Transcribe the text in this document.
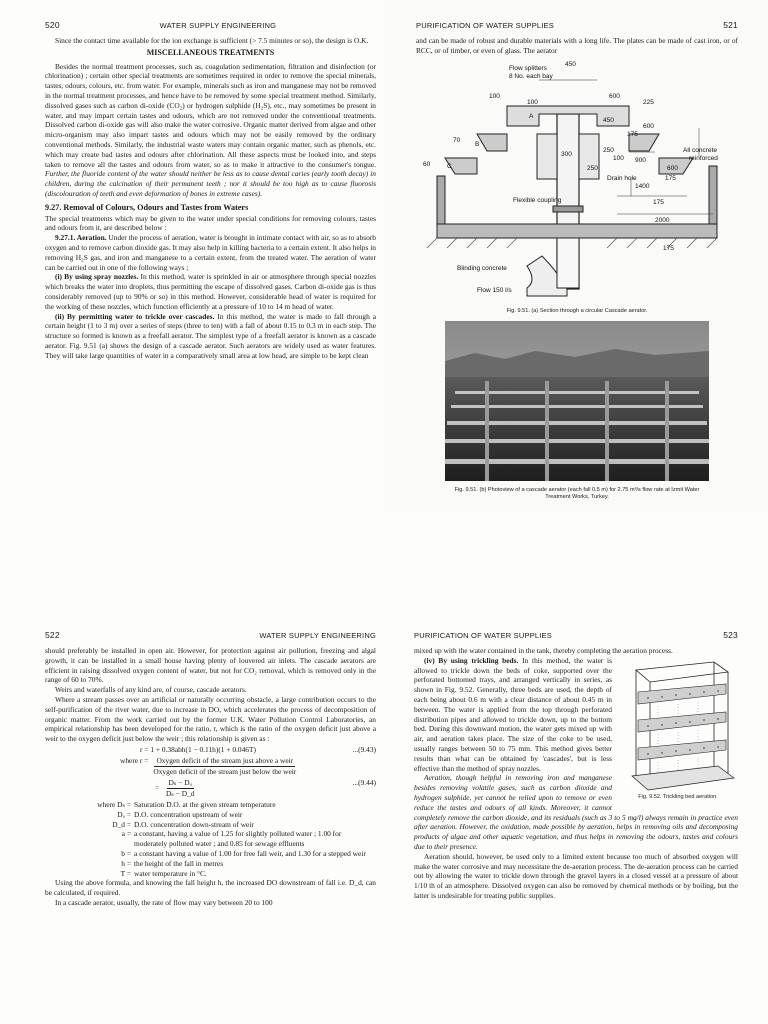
520	WATER SUPPLY ENGINEERING

Since the contact time available for the ion exchange is sufficient (> 7.5 minutes or so), the design is O.K.

MISCELLANEOUS TREATMENTS

Besides the normal treatment processes, such as, coagulation sedimentation, filtration and disinfection (or chlorination) ; certain other special treatments are sometimes required in order to remove the special minerals, tastes, odours, colours, etc. from water. For example, minerals such as iron and manganese may not be removed in the normal treatment processes, and hence have to be removed by some special treatment method. Similarly, dissolved gases such as carbon di-oxide (CO₂) or hydrogen sulphide (H₂S), etc., may sometimes be present in water, and may impart certain tastes and odours, which are not removed under the conventional treatments. Dissolved carbon di-oxide gas will also make the water corrosive. Organic matter derived from algae and other micro-organism may also impart tastes and odours which may not be easily removed by the ordinary conventional methods. Similarly, the industrial waste waters may contain organic matter, such as phenols, etc. which may create bad tastes and odours after chlorination. All these aspects must be looked into, and steps taken to remove all the tastes and odours from water, so as to make it attractive to the consumer's tongue. Further, the fluoride content of the water should neither be less as to cause dental caries (early tooth decay) in children, during the calcination of their permanent teeth ; nor it should be too high as to cause fluorosis (discolouration of teeth and even deformation of bones in extreme cases).

9.27. Removal of Colours, Odours and Tastes from Waters

The special treatments which may be given to the water under special conditions for removing colours, tastes and odours from it, are described below :

9.27.1. Aeration. Under the process of aeration, water is brought in intimate contact with air, so as to absorb oxygen and to remove carbon dioxide gas. It may also help in killing bacteria to a certain extent. It also helps in removing H₂S gas, and iron and manganese to a certain extent, from the treated water. The aeration of water can be carried out in one of the following ways ;

(i) By using spray nozzles. In this method, water is sprinkled in air or atmosphere through special nozzles which breaks the water into droplets, thus permitting the escape of dissolved gases. Carbon di-oxide gas is thus considerably removed (up to 90% or so) in this method. However, considerable head of water is required for the working of these nozzles, which function efficiently at a pressure of 10 to 14 m head of water.

(ii) By permitting water to trickle over cascades. In this method, the water is made to fall through a certain height (1 to 3 m) over a series of steps (three to ten) with a fall of about 0.15 to 0.3 m in each step. The structure so formed is known as a freefall aerator. The simplest type of a freefall aerator is known as a cascade aerator. Fig. 9.51 (a) shows the design of a cascade aerator. Such aerators are widely used as water features. They will take large quantities of water in a comparatively small area at low head, are simple to be kept clean

PURIFICATION OF WATER SUPPLIES	521

and can be made of robust and durable materials with a long life. The plates can be made of cast iron, or of RCC, or of timber, or even of glass. The aerator

Flow splitters
8 No. each bay
450
600
225
100
100
450
600
175
70
300
250
100 900
600
All concrete
reinforced
60
Drain hole
250
175
1400
175
Flexible coupling
2000
175
Blinding concrete
Flow 150 l/s
A
B
C
Fig. 9.51. (a) Section through a circular Cascade aerator.
Fig. 9.51. (b) Photoview of a cascade aerator (each fall 0.5 m) for 2.75 m³/s flow rate at Izmit Water Treatment Works, Turkey.
522	WATER SUPPLY ENGINEERING

should preferably be installed in open air. However, for protection against air pollution, freezing and algal growth, it can be installed in a small house having plenty of louvered air inlets. The cascade aerators are efficient in raising dissolved oxygen content of water, but not for CO₂ removal, which is removed only in the range of 60 to 70%.

Weirs and waterfalls of any kind are, of course, cascade aerators.

Where a stream passes over an artificial or naturally occurring obstacle, a large contribution occurs to the self-purification of the river water, due to increase in DO, which accelerates the process of decomposition of organic matter. From the work carried out by the former U.K. Water Pollution Control Laboratories, an empirical relationship has been developed for the ratio, r, which is the ratio of the oxygen deficit just above a weir to the oxygen deficit just below the weir ; this relationship is given as :

r = 1 + 0.38abh(1 − 0.11h)(1 + 0.046T)	...(9.43)
where $r = \frac{\text{Oxygen deficit of the stream just above a weir}}{\text{Oxygen deficit of the stream just below the weir}}$
= $\frac{\text{Dₛ − Dᵤ}}{\text{Dₛ − D\_d}}$	...(9.44)
where Dₛ = Saturation D.O. at the given stream temperature
Dᵤ = D.O. concentration upstream of weir
D_d = D.O. concentration down-stream of weir
a = a constant, having a value of 1.25 for slightly polluted water ; 1.00 for moderately polluted water ; and 0.85 for sewage effluents
b = a constant having a value of 1.00 for free fall weir, and 1.30 for a stepped weir
h = the height of the fall in metres
T = water temperature in °C.

Using the above formula, and knowing the fall height h, the increased DO downstream of fall i.e. D_d, can be calculated, if required.

In a cascade aerator, usually, the rate of flow may vary between 20 to 100

PURIFICATION OF WATER SUPPLIES	523

mixed up with the water contained in the tank, thereby completing the aeration process.

Fig. 9.52. Trickling bed aeration.

(iv) By using trickling beds. In this method, the water is allowed to trickle down the beds of coke, supported over the perforated bottomed trays, and arranged vertically in series, as shown in Fig. 9.52. Generally, three beds are used, the depth of each being about 0.6 m with a clear distance of about 0.45 m in between. The water is applied from the top through perforated distribution pipes and allowed to trickle down, up to the bottom bed. During this downward motion, the water gets mixed up with air, and aeration takes place. The size of the coke to be used, usually ranges between 50 to 75 mm. This method gives better results than what can be obtained by 'cascades', but is less effective than the method of spray nozzles.

Aeration, though helpful in removing iron and manganese besides removing volatile gases, such as carbon dioxide and hydrogen sulphide, yet cannot be relied upon to remove or even reduce the tastes and odours of all kinds. Moreover, it cannot completely remove the carbon dioxide, and its residuals (such as 3 to 5 mg/l) always remain in practice even after aeration. However, the oxidation, made possible by aeration, helps in removing oils and decomposing products of algae and other aquatic vegetation, and thus helps in removing the odours, tastes and colours due to their presence.

Aeration should, however, be used only to a limited extent because too much of absorbed oxygen will make the water corrosive and may necessitate the de-aeration process. The de-aeration process can be carried out by allowing the water to trickle down through the gravel layers in a closed vessel at a pressure of about 1/10 th of an atmosphere. Dissolved oxygen can also be removed by chemical methods or by boiling, but the latter is undesirable for treating public supplies.
